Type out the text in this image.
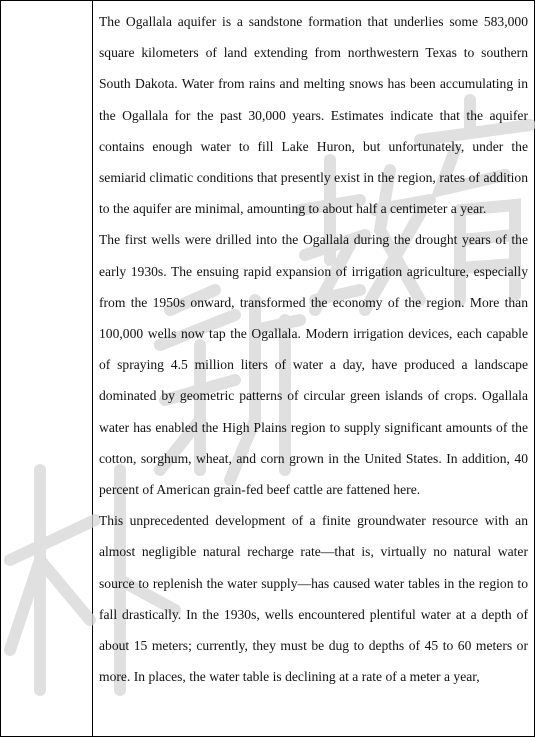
The Ogallala aquifer is a sandstone formation that underlies some 583,000 square kilometers of land extending from northwestern Texas to southern South Dakota. Water from rains and melting snows has been accumulating in the Ogallala for the past 30,000 years. Estimates indicate that the aquifer contains enough water to fill Lake Huron, but unfortunately, under the semiarid climatic conditions that presently exist in the region, rates of addition to the aquifer are minimal, amounting to about half a centimeter a year.

The first wells were drilled into the Ogallala during the drought years of the early 1930s. The ensuing rapid expansion of irrigation agriculture, especially from the 1950s onward, transformed the economy of the region. More than 100,000 wells now tap the Ogallala. Modern irrigation devices, each capable of spraying 4.5 million liters of water a day, have produced a landscape dominated by geometric patterns of circular green islands of crops. Ogallala water has enabled the High Plains region to supply significant amounts of the cotton, sorghum, wheat, and corn grown in the United States. In addition, 40 percent of American grain-fed beef cattle are fattened here.

This unprecedented development of a finite groundwater resource with an almost negligible natural recharge rate—that is, virtually no natural water source to replenish the water supply—has caused water tables in the region to fall drastically. In the 1930s, wells encountered plentiful water at a depth of about 15 meters; currently, they must be dug to depths of 45 to 60 meters or more. In places, the water table is declining at a rate of a meter a year,
